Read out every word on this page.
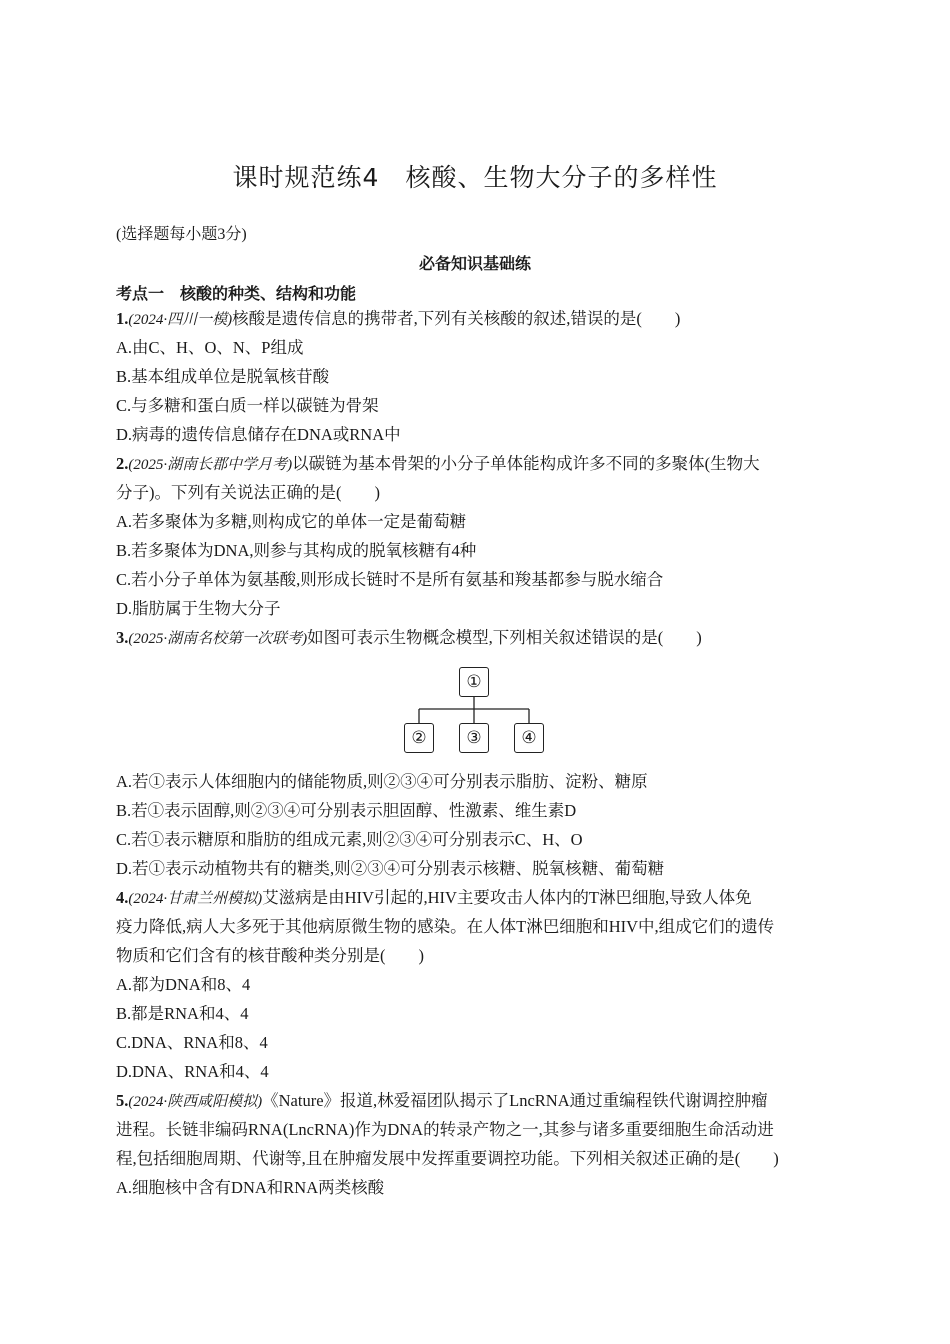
课时规范练4　核酸、生物大分子的多样性
(选择题每小题3分)
必备知识基础练
考点一　核酸的种类、结构和功能
1.(2024·四川一模)核酸是遗传信息的携带者,下列有关核酸的叙述,错误的是(　　)
A.由C、H、O、N、P组成
B.基本组成单位是脱氧核苷酸
C.与多糖和蛋白质一样以碳链为骨架
D.病毒的遗传信息储存在DNA或RNA中
2.(2025·湖南长郡中学月考)以碳链为基本骨架的小分子单体能构成许多不同的多聚体(生物大
分子)。下列有关说法正确的是(　　)
A.若多聚体为多糖,则构成它的单体一定是葡萄糖
B.若多聚体为DNA,则参与其构成的脱氧核糖有4种
C.若小分子单体为氨基酸,则形成长链时不是所有氨基和羧基都参与脱水缩合
D.脂肪属于生物大分子
3.(2025·湖南名校第一次联考)如图可表示生物概念模型,下列相关叙述错误的是(　　)
①
②	③	④
A.若①表示人体细胞内的储能物质,则②③④可分别表示脂肪、淀粉、糖原
B.若①表示固醇,则②③④可分别表示胆固醇、性激素、维生素D
C.若①表示糖原和脂肪的组成元素,则②③④可分别表示C、H、O
D.若①表示动植物共有的糖类,则②③④可分别表示核糖、脱氧核糖、葡萄糖
4.(2024·甘肃兰州模拟)艾滋病是由HIV引起的,HIV主要攻击人体内的T淋巴细胞,导致人体免
疫力降低,病人大多死于其他病原微生物的感染。在人体T淋巴细胞和HIV中,组成它们的遗传
物质和它们含有的核苷酸种类分别是(　　)
A.都为DNA和8、4
B.都是RNA和4、4
C.DNA、RNA和8、4
D.DNA、RNA和4、4
5.(2024·陕西咸阳模拟)《Nature》报道,林爱福团队揭示了LncRNA通过重编程铁代谢调控肿瘤
进程。长链非编码RNA(LncRNA)作为DNA的转录产物之一,其参与诸多重要细胞生命活动进
程,包括细胞周期、代谢等,且在肿瘤发展中发挥重要调控功能。下列相关叙述正确的是(　　)
A.细胞核中含有DNA和RNA两类核酸
